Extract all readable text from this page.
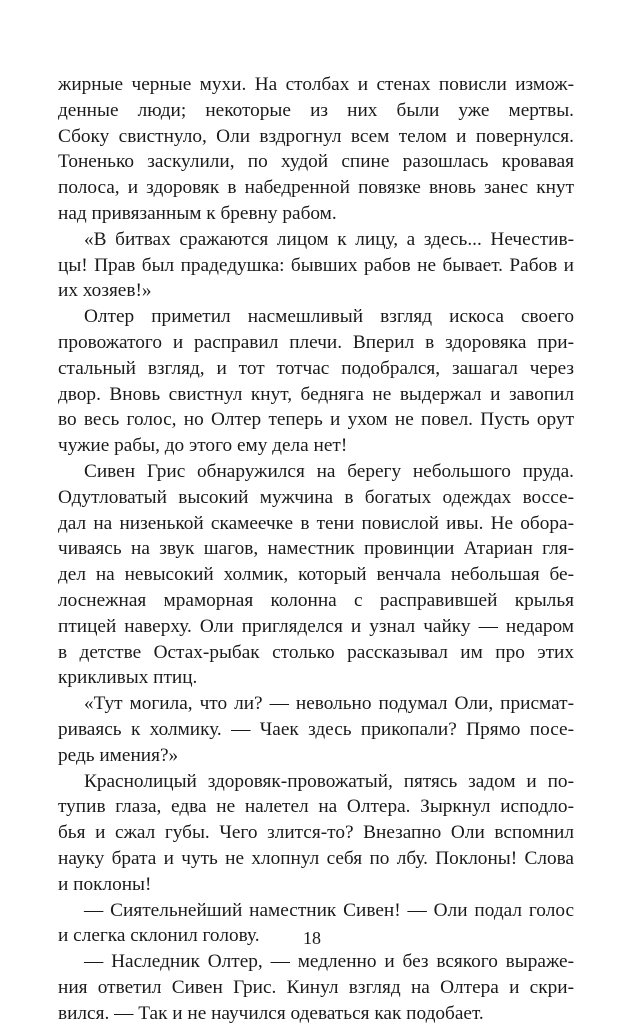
жирные черные мухи. На столбах и стенах повисли измож-
денные люди; некоторые из них были уже мертвы.
Сбоку свистнуло, Оли вздрогнул всем телом и повернулся.
Тоненько заскулили, по худой спине разошлась кровавая
полоса, и здоровяк в набедренной повязке вновь занес кнут
над привязанным к бревну рабом.
«В битвах сражаются лицом к лицу, а здесь... Нечестив-
цы! Прав был прадедушка: бывших рабов не бывает. Рабов и
их хозяев!»
Олтер приметил насмешливый взгляд искоса своего
провожатого и расправил плечи. Вперил в здоровяка при-
стальный взгляд, и тот тотчас подобрался, зашагал через
двор. Вновь свистнул кнут, бедняга не выдержал и завопил
во весь голос, но Олтер теперь и ухом не повел. Пусть орут
чужие рабы, до этого ему дела нет!
Сивен Грис обнаружился на берегу небольшого пруда.
Одутловатый высокий мужчина в богатых одеждах воссе-
дал на низенькой скамеечке в тени повислой ивы. Не обора-
чиваясь на звук шагов, наместник провинции Атариан гля-
дел на невысокий холмик, который венчала небольшая бе-
лоснежная мраморная колонна с расправившей крылья
птицей наверху. Оли пригляделся и узнал чайку — недаром
в детстве Остах-рыбак столько рассказывал им про этих
крикливых птиц.
«Тут могила, что ли? — невольно подумал Оли, присмат-
риваясь к холмику. — Чаек здесь прикопали? Прямо посе-
редь имения?»
Краснолицый здоровяк-провожатый, пятясь задом и по-
тупив глаза, едва не налетел на Олтера. Зыркнул исподло-
бья и сжал губы. Чего злится-то? Внезапно Оли вспомнил
науку брата и чуть не хлопнул себя по лбу. Поклоны! Слова
и поклоны!
— Сиятельнейший наместник Сивен! — Оли подал голос
и слегка склонил голову.
— Наследник Олтер, — медленно и без всякого выраже-
ния ответил Сивен Грис. Кинул взгляд на Олтера и скри-
вился. — Так и не научился одеваться как подобает.
18
